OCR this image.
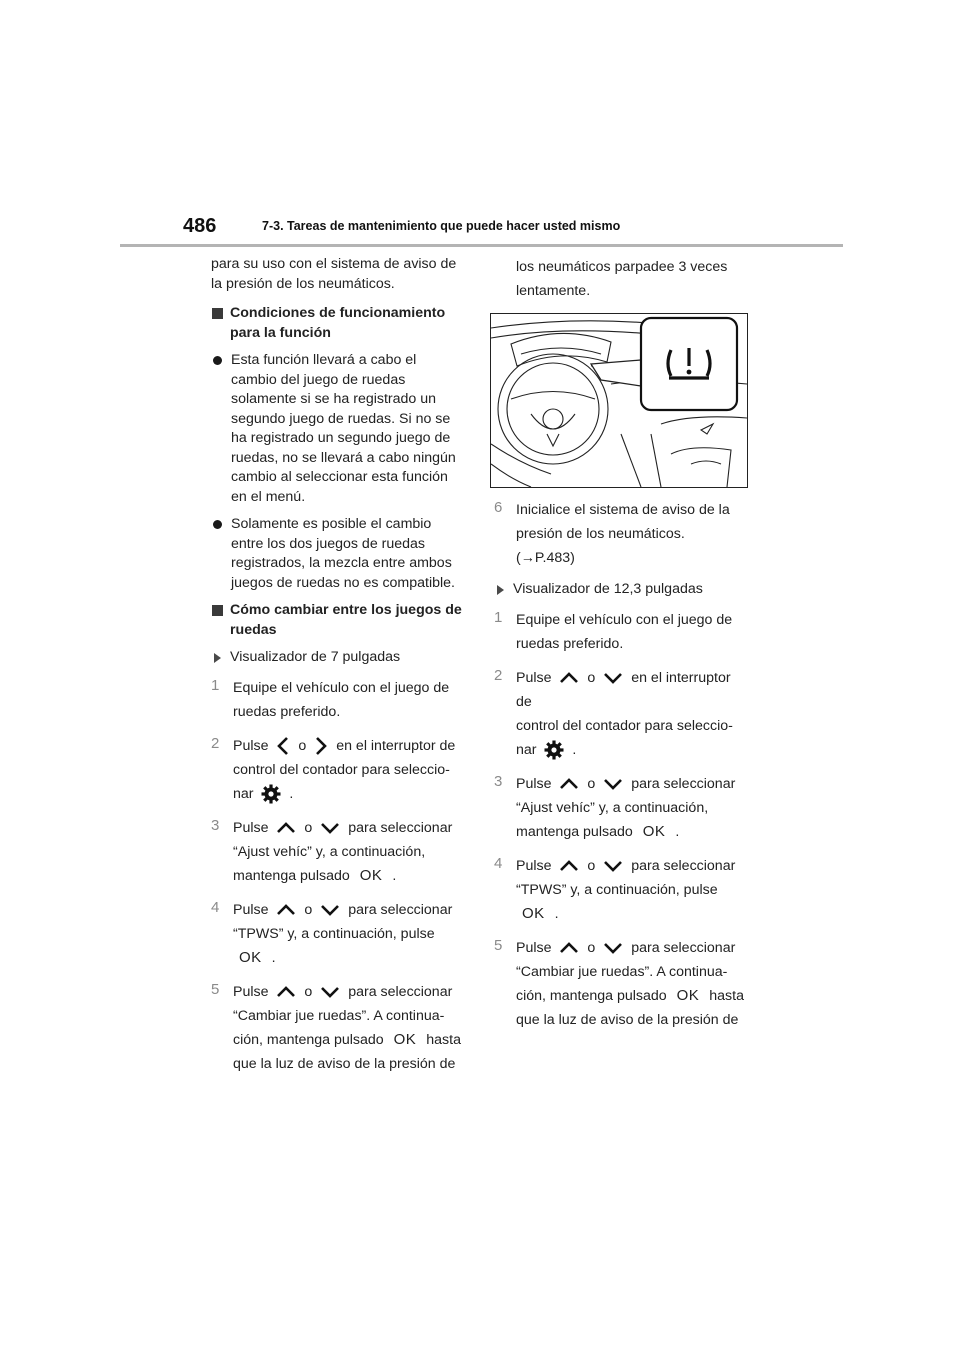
486	7-3. Tareas de mantenimiento que puede hacer usted mismo

para su uso con el sistema de aviso de la presión de los neumáticos.

Condiciones de funcionamiento para la función
Esta función llevará a cabo el cambio del juego de ruedas solamente si se ha registrado un segundo juego de ruedas. Si no se ha registrado un segundo juego de ruedas, no se llevará a cabo ningún cambio al seleccionar esta función en el menú.
Solamente es posible el cambio entre los dos juegos de ruedas registrados, la mezcla entre ambos juegos de ruedas no es compatible.
Cómo cambiar entre los juegos de ruedas
Visualizador de 7 pulgadas
1 Equipe el vehículo con el juego de
ruedas preferido.
2 Pulse o en el interruptor de
control del contador para seleccio-
nar	.
3 Pulse	o	para seleccionar
“Ajust vehíc” y, a continuación,
mantenga pulsado OK .
4 Pulse	o	para seleccionar
“TPWS” y, a continuación, pulse
OK .
5 Pulse	o	para seleccionar
“Cambiar jue ruedas”. A continua-
ción, mantenga pulsado OK hasta
que la luz de aviso de la presión de
los neumáticos parpadee 3 veces
lentamente.
6 Inicialice el sistema de aviso de la
presión de los neumáticos.
(→P.483)
Visualizador de 12,3 pulgadas
1 Equipe el vehículo con el juego de
ruedas preferido.
2 Pulse	o	en el interruptor de
control del contador para seleccio-
nar	.
3 Pulse	o	para seleccionar
“Ajust vehíc” y, a continuación,
mantenga pulsado OK .
4 Pulse	o	para seleccionar
“TPWS” y, a continuación, pulse
OK .
5 Pulse	o	para seleccionar
“Cambiar jue ruedas”. A continua-
ción, mantenga pulsado OK hasta
que la luz de aviso de la presión de
